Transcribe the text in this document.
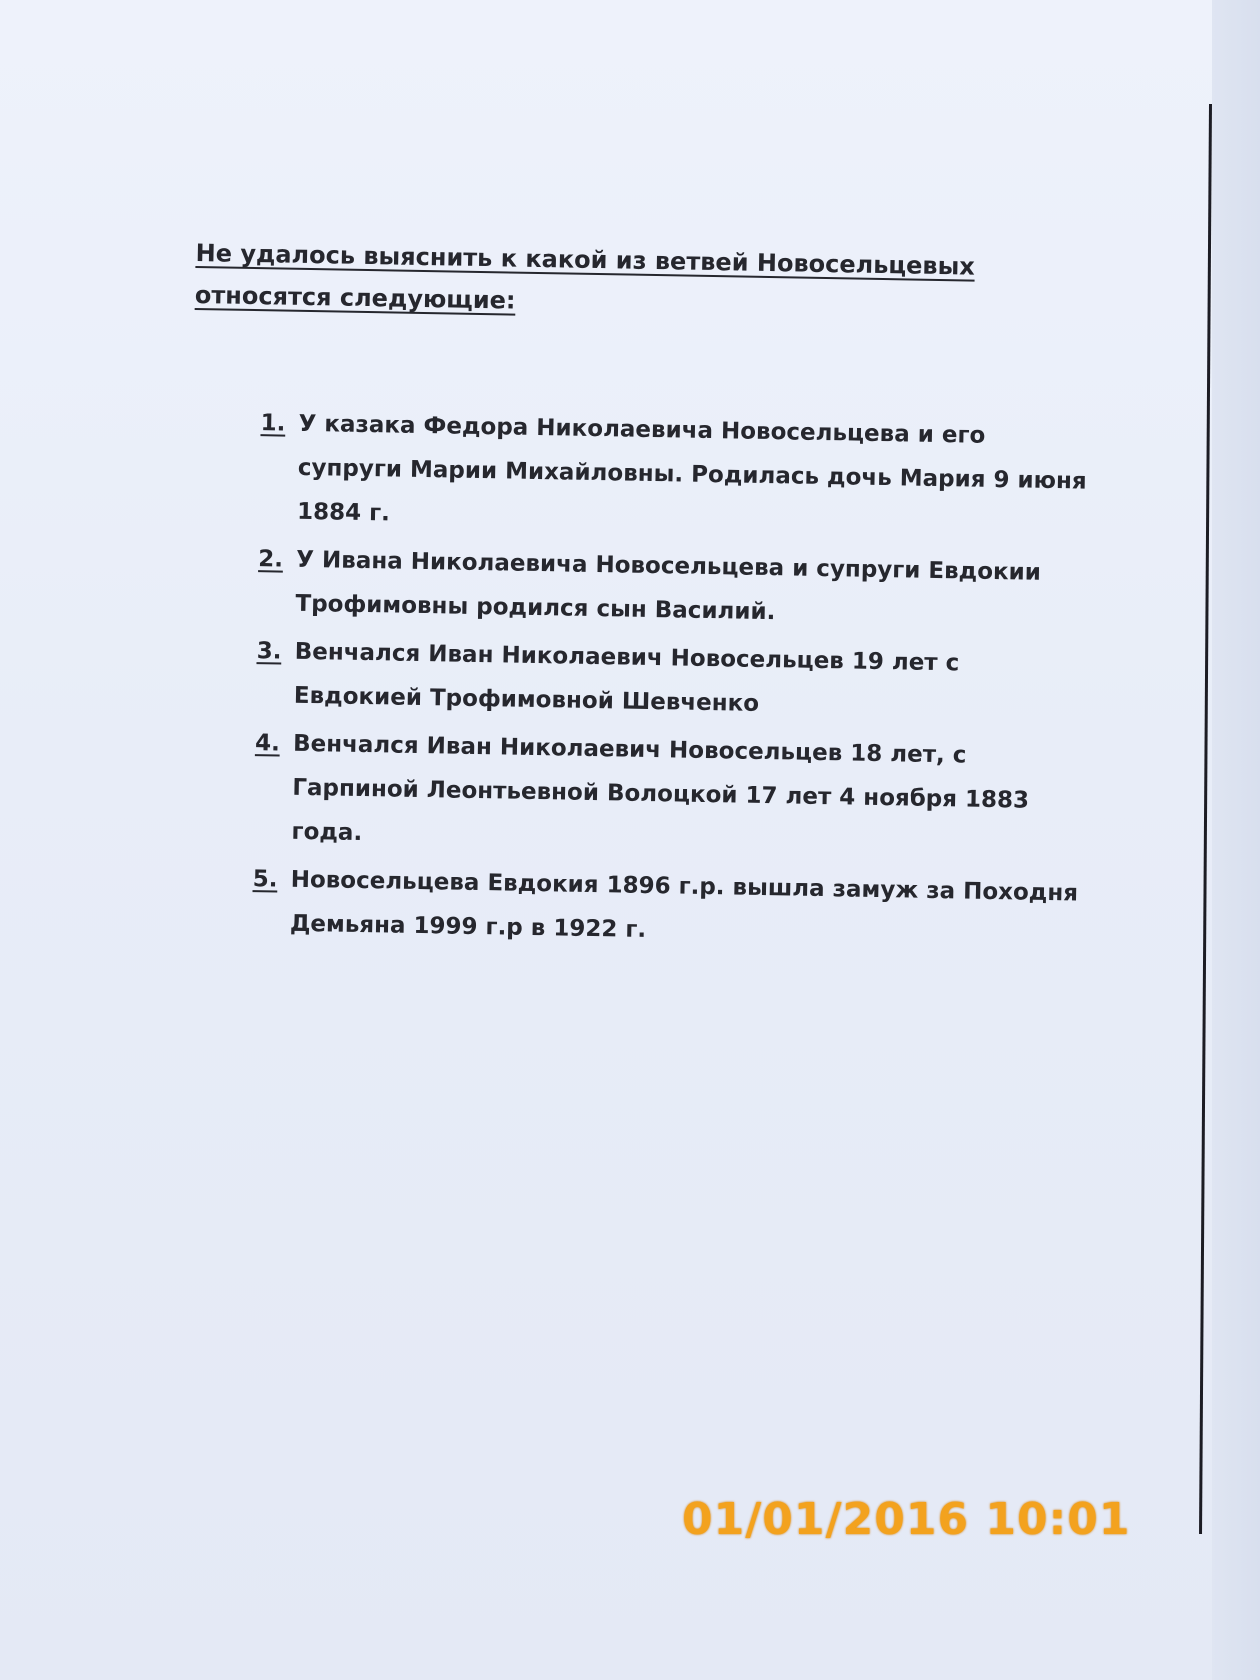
Не удалось выяснить к какой из ветвей Новосельцевых относятся следующие:
1. У казака Федора Николаевича Новосельцева и его супруги Марии Михайловны. Родилась дочь Мария 9 июня 1884 г.
2. У Ивана Николаевича Новосельцева и супруги Евдокии Трофимовны родился сын Василий.
3. Венчался Иван Николаевич Новосельцев 19 лет с Евдокией Трофимовной Шевченко
4. Венчался Иван Николаевич Новосельцев 18 лет, с Гарпиной Леонтьевной Волоцкой 17 лет 4 ноября 1883 года.
5. Новосельцева Евдокия 1896 г.р. вышла замуж за Походня Демьяна 1999 г.р в 1922 г.
01/01/2016 10:01
